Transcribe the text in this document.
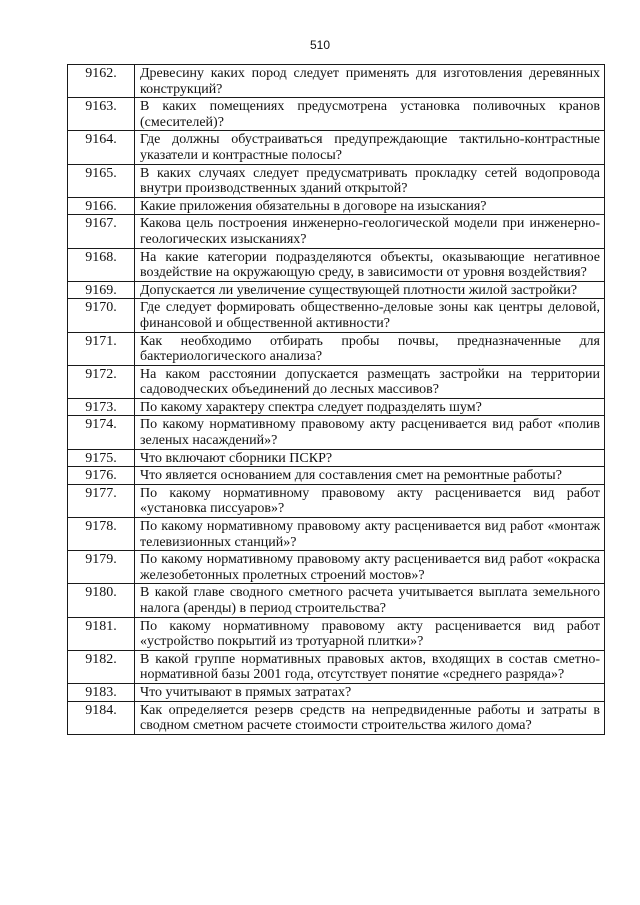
510
9162.	Древесину каких пород следует применять для изготовления деревянных конструкций?
9163.	В каких помещениях предусмотрена установка поливочных кранов (смесителей)?
9164.	Где должны обустраиваться предупреждающие тактильно-контрастные указатели и контрастные полосы?
9165.	В каких случаях следует предусматривать прокладку сетей водопровода внутри производственных зданий открытой?
9166.	Какие приложения обязательны в договоре на изыскания?
9167.	Какова цель построения инженерно-геологической модели при инженерно-геологических изысканиях?
9168.	На какие категории подразделяются объекты, оказывающие негативное воздействие на окружающую среду, в зависимости от уровня воздействия?
9169.	Допускается ли увеличение существующей плотности жилой застройки?
9170.	Где следует формировать общественно-деловые зоны как центры деловой, финансовой и общественной активности?
9171.	Как необходимо отбирать пробы почвы, предназначенные для бактериологического анализа?
9172.	На каком расстоянии допускается размещать застройки на территории садоводческих объединений до лесных массивов?
9173.	По какому характеру спектра следует подразделять шум?
9174.	По какому нормативному правовому акту расценивается вид работ «полив зеленых насаждений»?
9175.	Что включают сборники ПСКР?
9176.	Что является основанием для составления смет на ремонтные работы?
9177.	По какому нормативному правовому акту расценивается вид работ «установка писсуаров»?
9178.	По какому нормативному правовому акту расценивается вид работ «монтаж телевизионных станций»?
9179.	По какому нормативному правовому акту расценивается вид работ «окраска железобетонных пролетных строений мостов»?
9180.	В какой главе сводного сметного расчета учитывается выплата земельного налога (аренды) в период строительства?
9181.	По какому нормативному правовому акту расценивается вид работ «устройство покрытий из тротуарной плитки»?
9182.	В какой группе нормативных правовых актов, входящих в состав сметно-нормативной базы 2001 года, отсутствует понятие «среднего разряда»?
9183.	Что учитывают в прямых затратах?
9184.	Как определяется резерв средств на непредвиденные работы и затраты в сводном сметном расчете стоимости строительства жилого дома?
